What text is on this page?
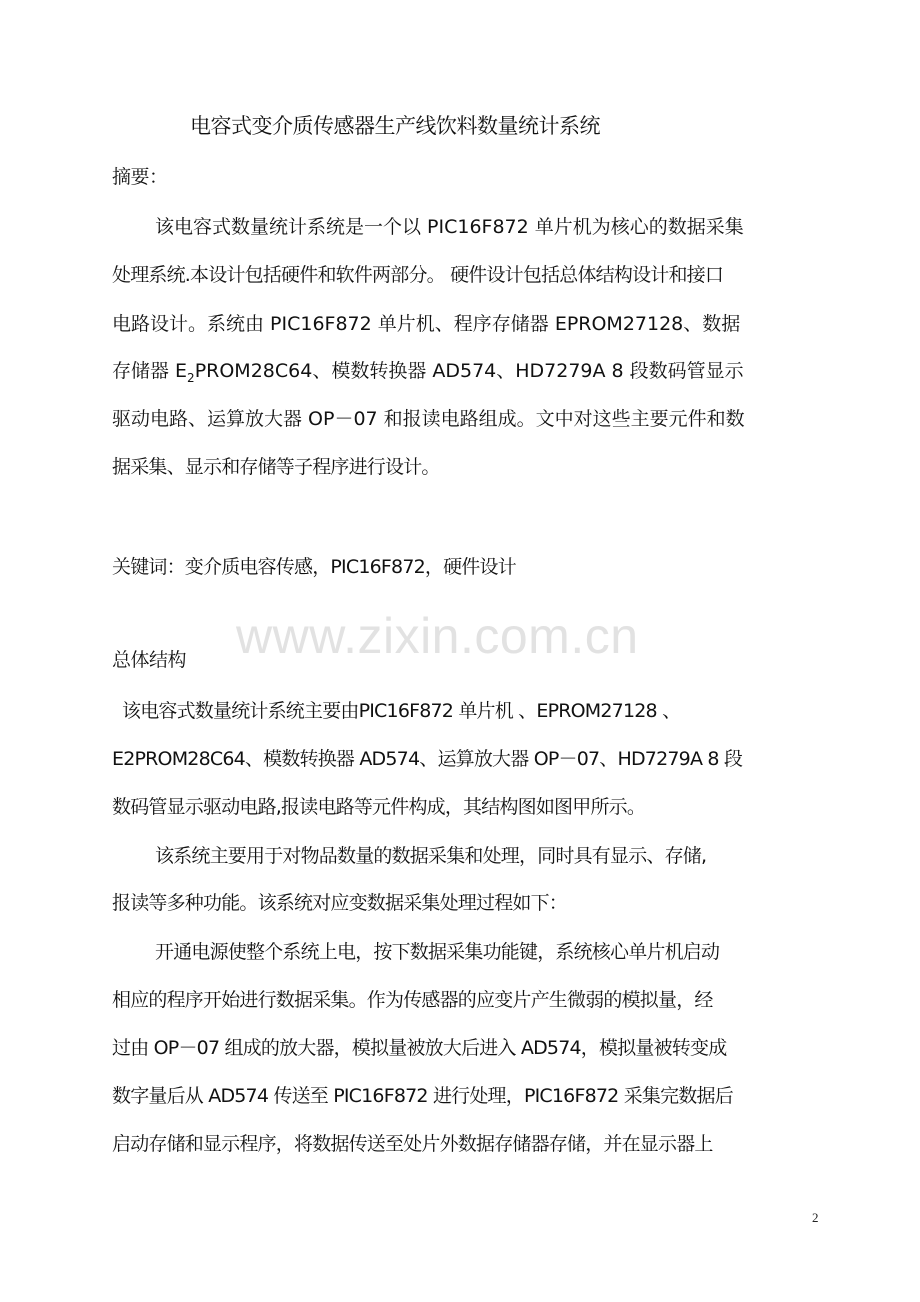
电容式变介质传感器生产线饮料数量统计系统
摘要：
该电容式数量统计系统是一个以 PIC16F872 单片机为核心的数据采集
处理系统.本设计包括硬件和软件两部分。 硬件设计包括总体结构设计和接口
电路设计。系统由 PIC16F872 单片机、程序存储器 EPROM27128、数据
存储器 $E_2PROM28C64$、模数转换器 AD574、HD7279A 8 段数码管显示
驱动电路、运算放大器 OP－07 和报读电路组成。文中对这些主要元件和数
据采集、显示和存储等子程序进行设计。
关键词：变介质电容传感，PIC16F872，硬件设计
www.zixin.com.cn
总体结构
该电容式数量统计系统主要由PIC16F872 单片机 、EPROM27128 、
E2PROM28C64、模数转换器 AD574、运算放大器 OP－07、HD7279A 8 段
数码管显示驱动电路,报读电路等元件构成，其结构图如图甲所示。
该系统主要用于对物品数量的数据采集和处理，同时具有显示、存储,
报读等多种功能。该系统对应变数据采集处理过程如下：
开通电源使整个系统上电，按下数据采集功能键，系统核心单片机启动
相应的程序开始进行数据采集。作为传感器的应变片产生微弱的模拟量，经
过由 OP－07 组成的放大器，模拟量被放大后进入 AD574，模拟量被转变成
数字量后从 AD574 传送至 PIC16F872 进行处理，PIC16F872 采集完数据后
启动存储和显示程序，将数据传送至处片外数据存储器存储，并在显示器上
2
